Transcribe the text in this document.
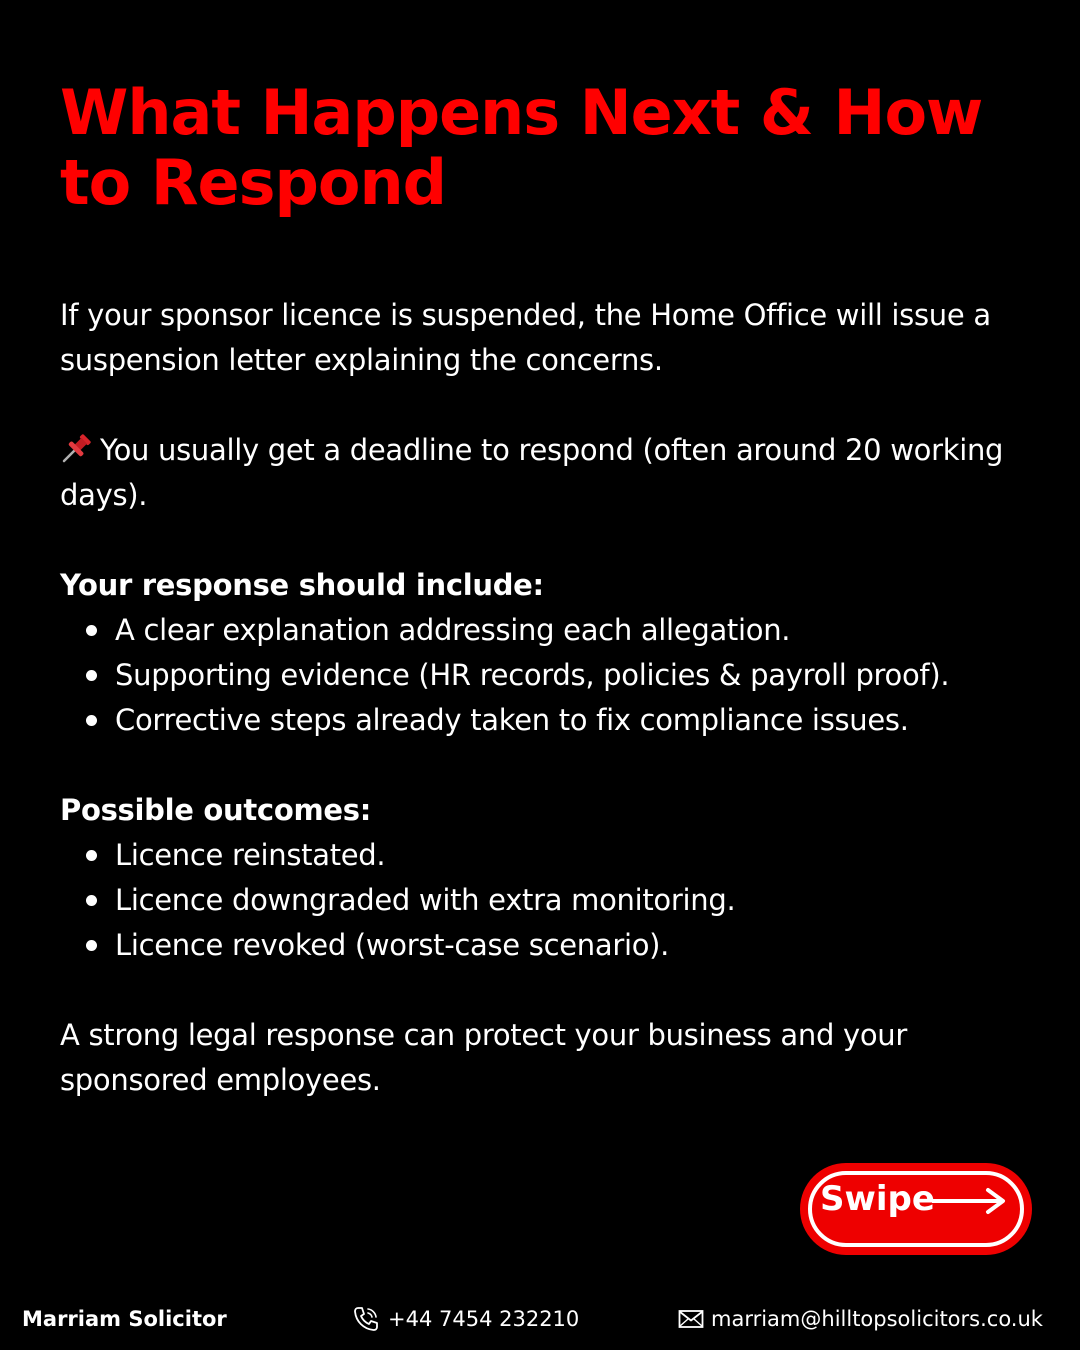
What Happens Next & How to Respond

If your sponsor licence is suspended, the Home Office will issue a suspension letter explaining the concerns.

You usually get a deadline to respond (often around 20 working days).

Your response should include:

A clear explanation addressing each allegation.
Supporting evidence (HR records, policies & payroll proof).
Corrective steps already taken to fix compliance issues.

Possible outcomes:

Licence reinstated.
Licence downgraded with extra monitoring.
Licence revoked (worst-case scenario).

A strong legal response can protect your business and your sponsored employees.

Swipe
Marriam Solicitor	+44 7454 232210	marriam@hilltopsolicitors.co.uk
